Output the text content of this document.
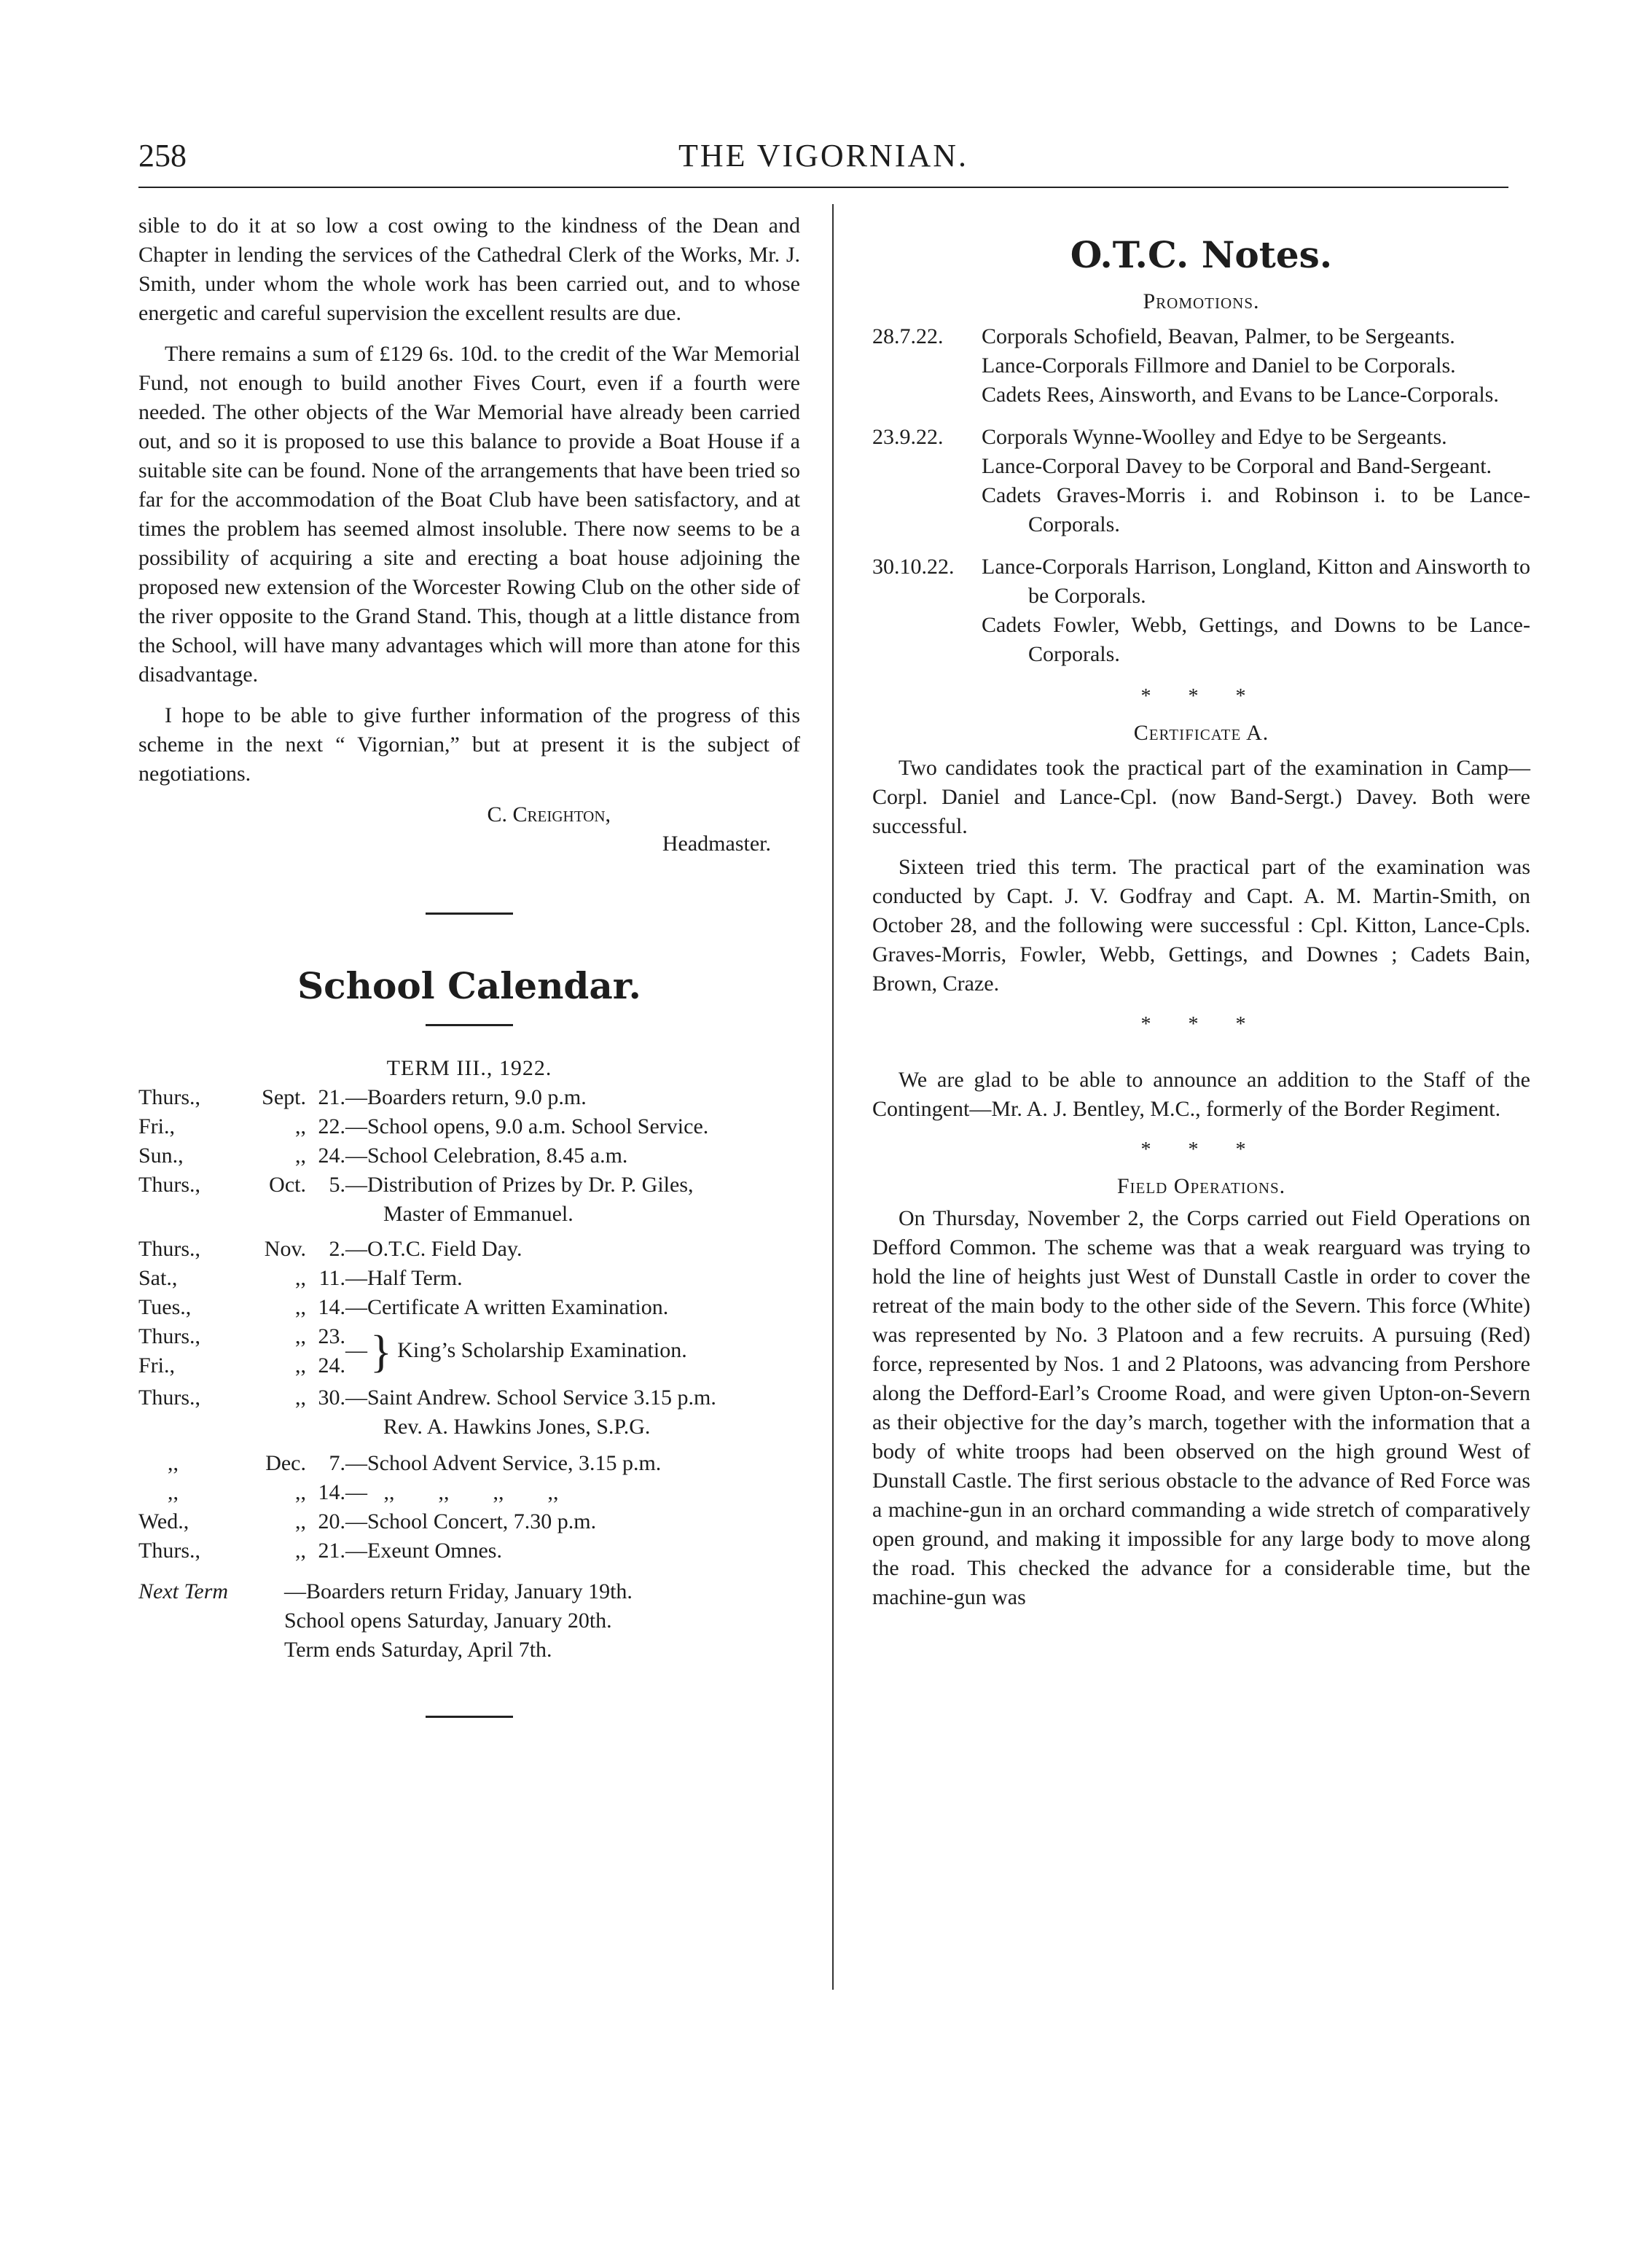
258	THE VIGORNIAN.

sible to do it at so low a cost owing to the kindness of the Dean and Chapter in lending the services of the Cathedral Clerk of the Works, Mr. J. Smith, under whom the whole work has been carried out, and to whose energetic and careful supervision the excellent results are due.

There remains a sum of £129 6s. 10d. to the credit of the War Memorial Fund, not enough to build another Fives Court, even if a fourth were needed. The other objects of the War Memorial have already been carried out, and so it is proposed to use this balance to provide a Boat House if a suitable site can be found. None of the arrangements that have been tried so far for the accommodation of the Boat Club have been satisfactory, and at times the problem has seemed almost insoluble. There now seems to be a possibility of acquiring a site and erecting a boat house adjoining the proposed new extension of the Worcester Rowing Club on the other side of the river opposite to the Grand Stand. This, though at a little distance from the School, will have many advantages which will more than atone for this disadvantage.

I hope to be able to give further information of the progress of this scheme in the next “ Vigornian,” but at present it is the subject of negotiations.

C. Creighton,

Headmaster.

School Calendar.

TERM III., 1922.

Thurs.,	Sept.	21.	—Boarders return, 9.0 p.m.
Fri.,	,,	22.	—School opens, 9.0 a.m. School Service.
Sun.,	,,	24.	—School Celebration, 8.45 a.m.
Thurs.,	Oct.	5.	—Distribution of Prizes by Dr. P. Giles,
Master of Emmanuel.

Thurs.,	Nov.	2.	—O.T.C. Field Day.
Sat.,	,,	11.	—Half Term.
Tues.,	,,	14.	—Certificate A written Examination.
Thurs.,	,,	23.	—} King’s Scholarship Examination.
Fri.,	,,	24.	

Thurs.,	,,	30.	—Saint Andrew. School Service 3.15 p.m.
Rev. A. Hawkins Jones, S.P.G.

,,	Dec.	7.	—School Advent Service, 3.15 p.m.
,,	,,	14.	—   ,,        ,,        ,,        ,,
Wed.,	,,	20.	—School Concert, 7.30 p.m.
Thurs.,	,,	21.	—Exeunt Omnes.
Next Term	—Boarders return Friday, January 19th.
School opens Saturday, January 20th.
Term ends Saturday, April 7th.
O.T.C. Notes.

Promotions.

28.7.22.	Corporals Schofield, Beavan, Palmer, to be Sergeants.

Lance-Corporals Fillmore and Daniel to be Corporals.

Cadets Rees, Ainsworth, and Evans to be Lance-Corporals.

23.9.22.	Corporals Wynne-Woolley and Edye to be Sergeants.

Lance-Corporal Davey to be Corporal and Band-Sergeant.

Cadets Graves-Morris i. and Robinson i. to be Lance-Corporals.

30.10.22.	Lance-Corporals Harrison, Longland, Kitton and Ainsworth to be Corporals.

Cadets Fowler, Webb, Gettings, and Downs to be Lance-Corporals.

* * *

Certificate A.

Two candidates took the practical part of the examination in Camp—Corpl. Daniel and Lance-Cpl. (now Band-Sergt.) Davey. Both were successful.

Sixteen tried this term. The practical part of the examination was conducted by Capt. J. V. Godfray and Capt. A. M. Martin-Smith, on October 28, and the following were successful : Cpl. Kitton, Lance-Cpls. Graves-Morris, Fowler, Webb, Gettings, and Downes ; Cadets Bain, Brown, Craze.

* * *

We are glad to be able to announce an addition to the Staff of the Contingent—Mr. A. J. Bentley, M.C., formerly of the Border Regiment.

* * *

Field Operations.

On Thursday, November 2, the Corps carried out Field Operations on Defford Common. The scheme was that a weak rearguard was trying to hold the line of heights just West of Dunstall Castle in order to cover the retreat of the main body to the other side of the Severn. This force (White) was represented by No. 3 Platoon and a few recruits. A pursuing (Red) force, represented by Nos. 1 and 2 Platoons, was advancing from Pershore along the Defford-Earl’s Croome Road, and were given Upton-on-Severn as their objective for the day’s march, together with the information that a body of white troops had been observed on the high ground West of Dunstall Castle. The first serious obstacle to the advance of Red Force was a machine-gun in an orchard commanding a wide stretch of comparatively open ground, and making it impossible for any large body to move along the road. This checked the advance for a considerable time, but the machine-gun was
